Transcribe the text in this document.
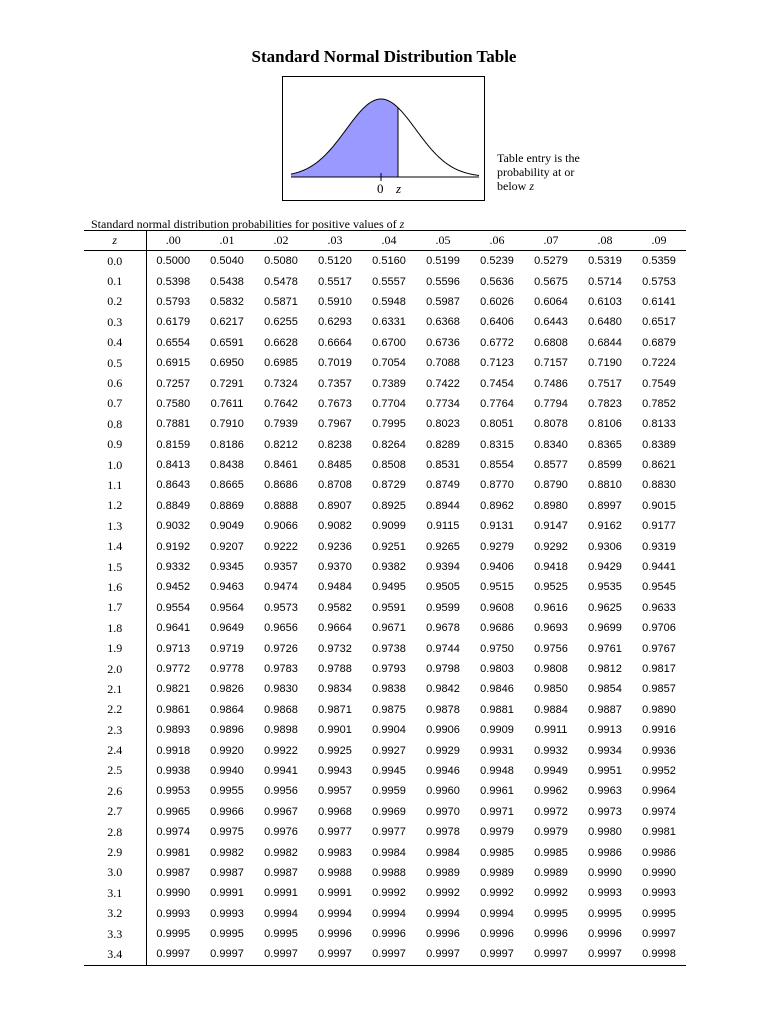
Standard Normal Distribution Table
0 z
Table entry is the
probability at or
below z
Standard normal distribution probabilities for positive values of z
z	.00	.01	.02	.03	.04	.05	.06	.07	.08	.09
0.0	0.5000	0.5040	0.5080	0.5120	0.5160	0.5199	0.5239	0.5279	0.5319	0.5359
0.1	0.5398	0.5438	0.5478	0.5517	0.5557	0.5596	0.5636	0.5675	0.5714	0.5753
0.2	0.5793	0.5832	0.5871	0.5910	0.5948	0.5987	0.6026	0.6064	0.6103	0.6141
0.3	0.6179	0.6217	0.6255	0.6293	0.6331	0.6368	0.6406	0.6443	0.6480	0.6517
0.4	0.6554	0.6591	0.6628	0.6664	0.6700	0.6736	0.6772	0.6808	0.6844	0.6879
0.5	0.6915	0.6950	0.6985	0.7019	0.7054	0.7088	0.7123	0.7157	0.7190	0.7224
0.6	0.7257	0.7291	0.7324	0.7357	0.7389	0.7422	0.7454	0.7486	0.7517	0.7549
0.7	0.7580	0.7611	0.7642	0.7673	0.7704	0.7734	0.7764	0.7794	0.7823	0.7852
0.8	0.7881	0.7910	0.7939	0.7967	0.7995	0.8023	0.8051	0.8078	0.8106	0.8133
0.9	0.8159	0.8186	0.8212	0.8238	0.8264	0.8289	0.8315	0.8340	0.8365	0.8389
1.0	0.8413	0.8438	0.8461	0.8485	0.8508	0.8531	0.8554	0.8577	0.8599	0.8621
1.1	0.8643	0.8665	0.8686	0.8708	0.8729	0.8749	0.8770	0.8790	0.8810	0.8830
1.2	0.8849	0.8869	0.8888	0.8907	0.8925	0.8944	0.8962	0.8980	0.8997	0.9015
1.3	0.9032	0.9049	0.9066	0.9082	0.9099	0.9115	0.9131	0.9147	0.9162	0.9177
1.4	0.9192	0.9207	0.9222	0.9236	0.9251	0.9265	0.9279	0.9292	0.9306	0.9319
1.5	0.9332	0.9345	0.9357	0.9370	0.9382	0.9394	0.9406	0.9418	0.9429	0.9441
1.6	0.9452	0.9463	0.9474	0.9484	0.9495	0.9505	0.9515	0.9525	0.9535	0.9545
1.7	0.9554	0.9564	0.9573	0.9582	0.9591	0.9599	0.9608	0.9616	0.9625	0.9633
1.8	0.9641	0.9649	0.9656	0.9664	0.9671	0.9678	0.9686	0.9693	0.9699	0.9706
1.9	0.9713	0.9719	0.9726	0.9732	0.9738	0.9744	0.9750	0.9756	0.9761	0.9767
2.0	0.9772	0.9778	0.9783	0.9788	0.9793	0.9798	0.9803	0.9808	0.9812	0.9817
2.1	0.9821	0.9826	0.9830	0.9834	0.9838	0.9842	0.9846	0.9850	0.9854	0.9857
2.2	0.9861	0.9864	0.9868	0.9871	0.9875	0.9878	0.9881	0.9884	0.9887	0.9890
2.3	0.9893	0.9896	0.9898	0.9901	0.9904	0.9906	0.9909	0.9911	0.9913	0.9916
2.4	0.9918	0.9920	0.9922	0.9925	0.9927	0.9929	0.9931	0.9932	0.9934	0.9936
2.5	0.9938	0.9940	0.9941	0.9943	0.9945	0.9946	0.9948	0.9949	0.9951	0.9952
2.6	0.9953	0.9955	0.9956	0.9957	0.9959	0.9960	0.9961	0.9962	0.9963	0.9964
2.7	0.9965	0.9966	0.9967	0.9968	0.9969	0.9970	0.9971	0.9972	0.9973	0.9974
2.8	0.9974	0.9975	0.9976	0.9977	0.9977	0.9978	0.9979	0.9979	0.9980	0.9981
2.9	0.9981	0.9982	0.9982	0.9983	0.9984	0.9984	0.9985	0.9985	0.9986	0.9986
3.0	0.9987	0.9987	0.9987	0.9988	0.9988	0.9989	0.9989	0.9989	0.9990	0.9990
3.1	0.9990	0.9991	0.9991	0.9991	0.9992	0.9992	0.9992	0.9992	0.9993	0.9993
3.2	0.9993	0.9993	0.9994	0.9994	0.9994	0.9994	0.9994	0.9995	0.9995	0.9995
3.3	0.9995	0.9995	0.9995	0.9996	0.9996	0.9996	0.9996	0.9996	0.9996	0.9997
3.4	0.9997	0.9997	0.9997	0.9997	0.9997	0.9997	0.9997	0.9997	0.9997	0.9998
